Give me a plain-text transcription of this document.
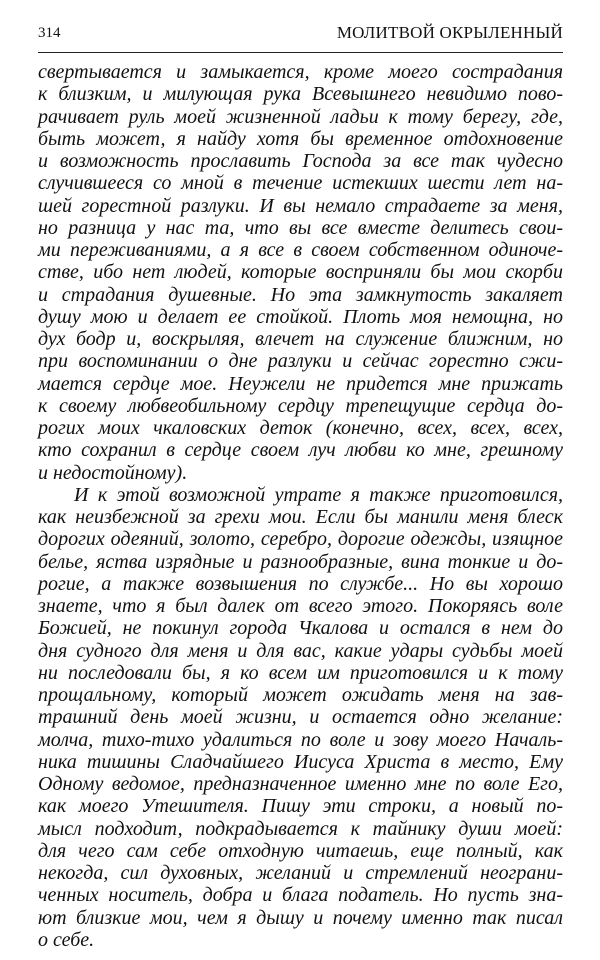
314	МОЛИТВОЙ ОКРЫЛЕННЫЙ
свертывается и замыкается, кроме моего сострадания
к близким, и милующая рука Всевышнего невидимо пово-
рачивает руль моей жизненной ладьи к тому берегу, где,
быть может, я найду хотя бы временное отдохновение
и возможность прославить Господа за все так чудесно
случившееся со мной в течение истекших шести лет на-
шей горестной разлуки. И вы немало страдаете за меня,
но разница у нас та, что вы все вместе делитесь свои-
ми переживаниями, а я все в своем собственном одиноче-
стве, ибо нет людей, которые восприняли бы мои скорби
и страдания душевные. Но эта замкнутость закаляет
душу мою и делает ее стойкой. Плоть моя немощна, но
дух бодр и, воскрыляя, влечет на служение ближним, но
при воспоминании о дне разлуки и сейчас горестно сжи-
мается сердце мое. Неужели не придется мне прижать
к своему любвеобильному сердцу трепещущие сердца до-
рогих моих чкаловских деток (конечно, всех, всех, всех,
кто сохранил в сердце своем луч любви ко мне, грешному
и недостойному).
И к этой возможной утрате я также приготовился,
как неизбежной за грехи мои. Если бы манили меня блеск
дорогих одеяний, золото, серебро, дорогие одежды, изящное
белье, яства изрядные и разнообразные, вина тонкие и до-
рогие, а также возвышения по службе... Но вы хорошо
знаете, что я был далек от всего этого. Покоряясь воле
Божией, не покинул города Чкалова и остался в нем до
дня судного для меня и для вас, какие удары судьбы моей
ни последовали бы, я ко всем им приготовился и к тому
прощальному, который может ожидать меня на зав-
трашний день моей жизни, и остается одно желание:
молча, тихо-тихо удалиться по воле и зову моего Началь-
ника тишины Сладчайшего Иисуса Христа в место, Ему
Одному ведомое, предназначенное именно мне по воле Его,
как моего Утешителя. Пишу эти строки, а новый по-
мысл подходит, подкрадывается к тайнику души моей:
для чего сам себе отходную читаешь, еще полный, как
некогда, сил духовных, желаний и стремлений неограни-
ченных носитель, добра и блага податель. Но пусть зна-
ют близкие мои, чем я дышу и почему именно так писал
о себе.
